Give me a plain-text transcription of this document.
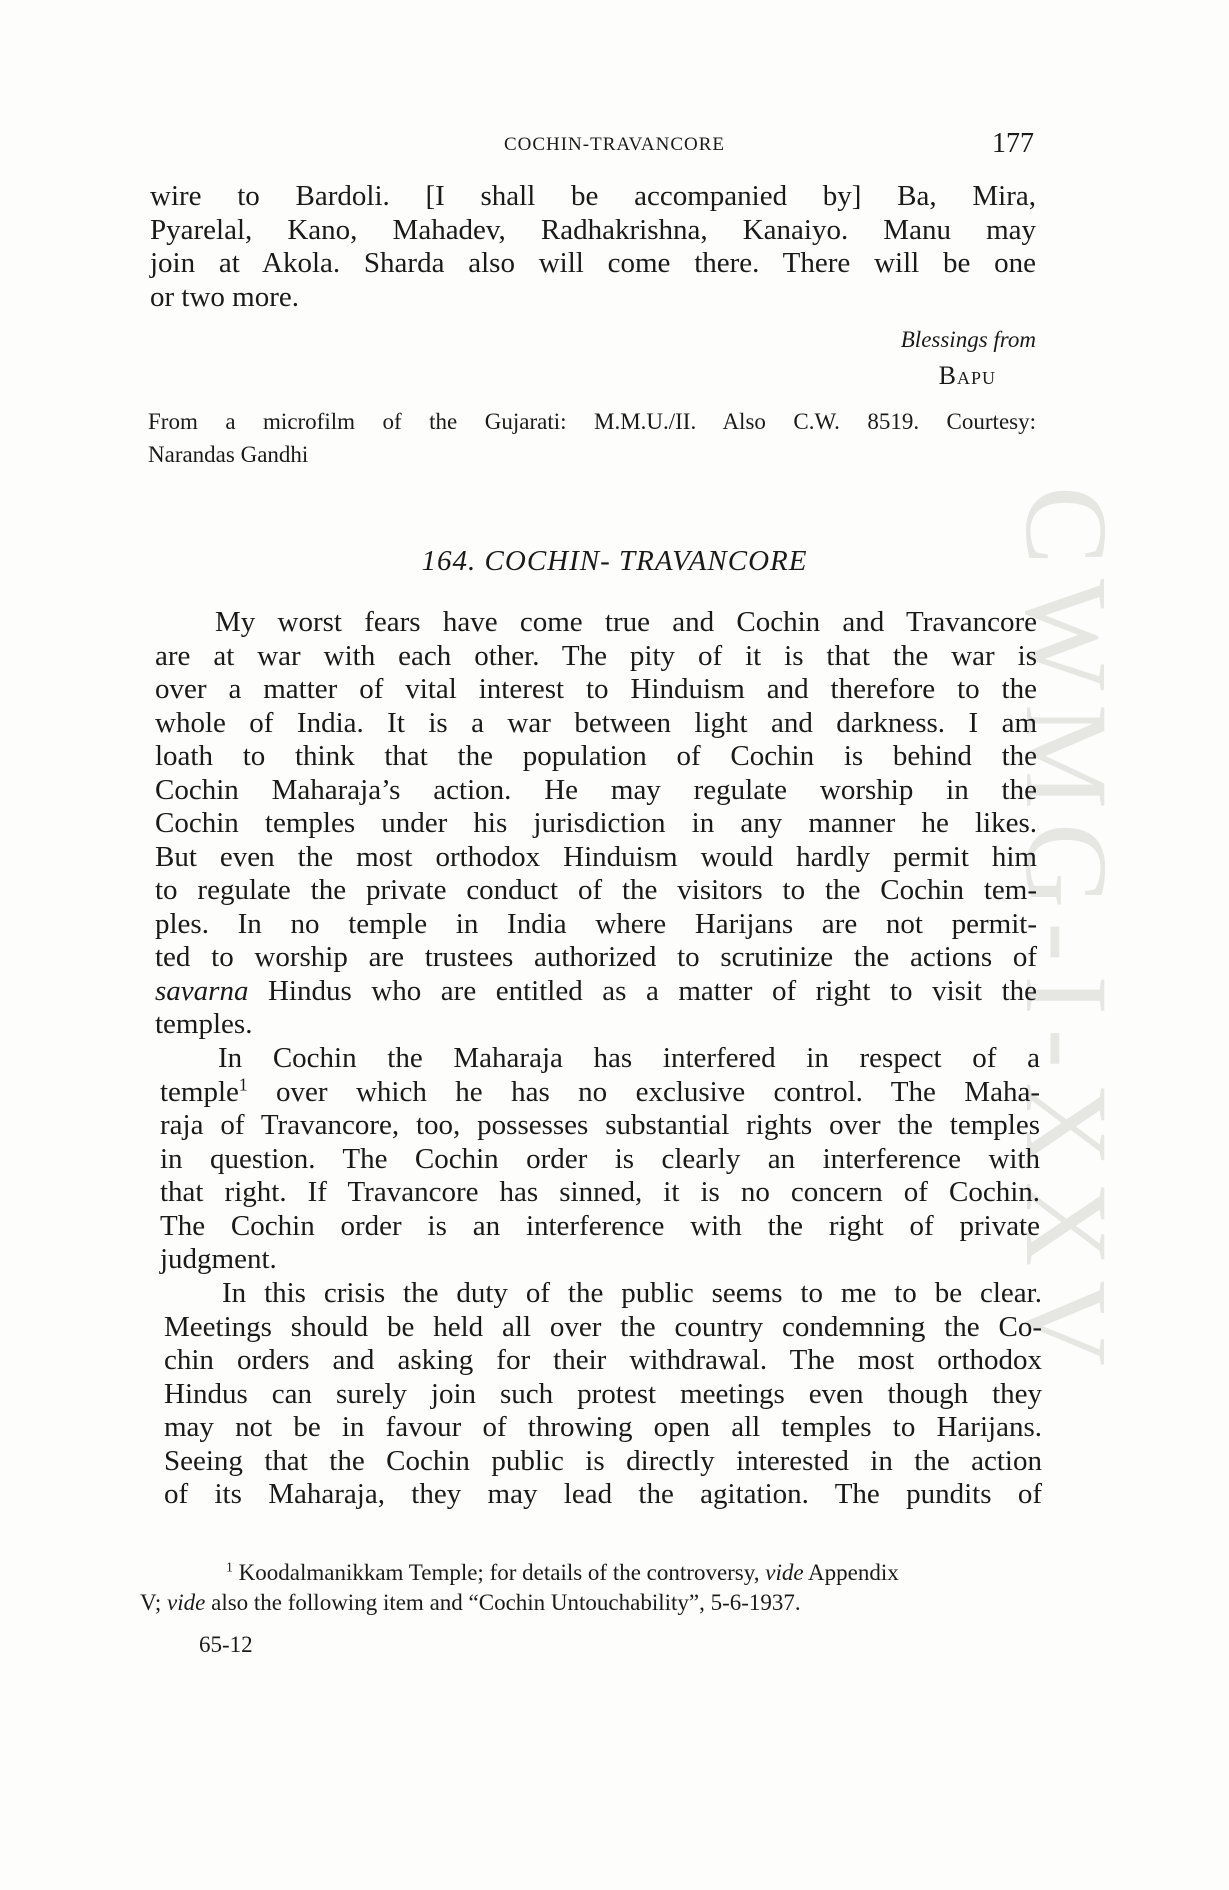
CWMG-I-XXV
COCHIN-TRAVANCORE	177
wire to Bardoli. [I shall be accompanied by] Ba, Mira,
Pyarelal, Kano, Mahadev, Radhakrishna, Kanaiyo. Manu may
join at Akola. Sharda also will come there. There will be one
or two more.
Blessings from
Bapu
From a microfilm of the Gujarati: M.M.U./II. Also C.W. 8519. Courtesy:
Narandas Gandhi
164. COCHIN- TRAVANCORE
My worst fears have come true and Cochin and Travancore
are at war with each other. The pity of it is that the war is
over a matter of vital interest to Hinduism and therefore to the
whole of India. It is a war between light and darkness. I am
loath to think that the population of Cochin is behind the
Cochin Maharaja’s action. He may regulate worship in the
Cochin temples under his jurisdiction in any manner he likes.
But even the most orthodox Hinduism would hardly permit him
to regulate the private conduct of the visitors to the Cochin tem-
ples. In no temple in India where Harijans are not permit-
ted to worship are trustees authorized to scrutinize the actions of
savarna Hindus who are entitled as a matter of right to visit the
temples.
In Cochin the Maharaja has interfered in respect of a
temple$^1$ over which he has no exclusive control. The Maha-
raja of Travancore, too, possesses substantial rights over the temples
in question. The Cochin order is clearly an interference with
that right. If Travancore has sinned, it is no concern of Cochin.
The Cochin order is an interference with the right of private
judgment.
In this crisis the duty of the public seems to me to be clear.
Meetings should be held all over the country condemning the Co-
chin orders and asking for their withdrawal. The most orthodox
Hindus can surely join such protest meetings even though they
may not be in favour of throwing open all temples to Harijans.
Seeing that the Cochin public is directly interested in the action
of its Maharaja, they may lead the agitation. The pundits of
$^1$ Koodalmanikkam Temple; for details of the controversy, vide Appendix
V; vide also the following item and “Cochin Untouchability”, 5-6-1937.
65-12
